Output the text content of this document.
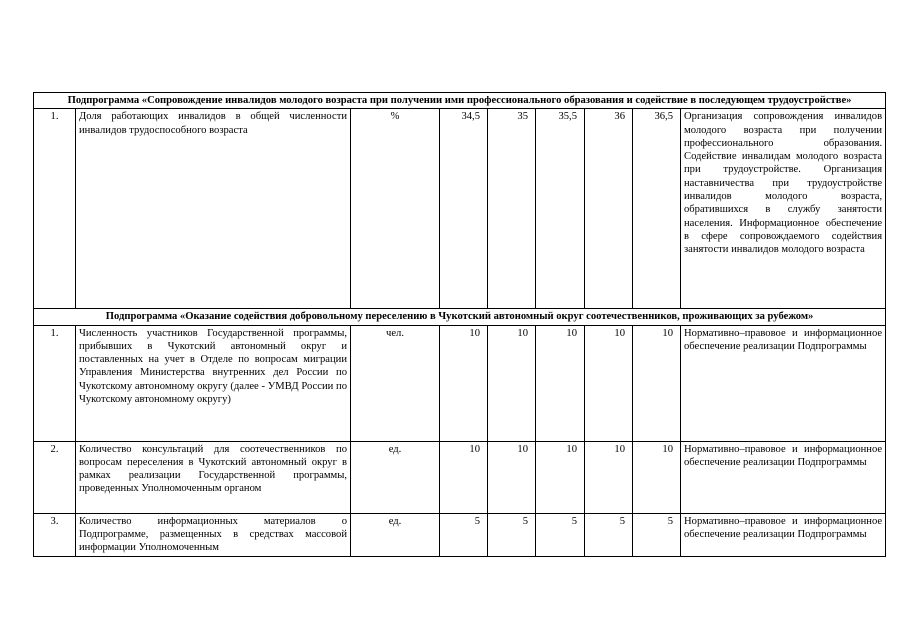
Подпрограмма «Сопровождение инвалидов молодого возраста при получении ими профессионального образования и содействие в последующем трудоустройстве»								
1.	Доля работающих инвалидов в общей численности инвалидов трудоспособного возраста	%	34,5	35	35,5	36	36,5	Организация сопровождения инвалидов молодого возраста при получении профессионального образования. Содействие инвалидам молодого возраста при трудоустройстве. Организация наставничества при трудоустройстве инвалидов молодого возраста, обратившихся в службу занятости населения. Информационное обеспечение в сфере сопровождаемого содействия занятости инвалидов молодого возраста
Подпрограмма «Оказание содействия добровольному переселению в Чукотский автономный округ соотечественников, проживающих за рубежом»								
1.	Численность участников Государственной программы, прибывших в Чукотский автономный округ и поставленных на учет в Отделе по вопросам миграции Управления Министерства внутренних дел России по Чукотскому автономному округу (далее - УМВД России по Чукотскому автономному округу)	чел.	10	10	10	10	10	Нормативно–правовое и информационное обеспечение реализации Подпрограммы
2.	Количество консультаций для соотечественников по вопросам переселения в Чукотский автономный округ в рамках реализации Государственной программы, проведенных Уполномоченным органом	ед.	10	10	10	10	10	Нормативно–правовое и информационное обеспечение реализации Подпрограммы
3.	Количество информационных материалов о Подпрограмме, размещенных в средствах массовой информации Уполномоченным	ед.	5	5	5	5	5	Нормативно–правовое и информационное обеспечение реализации Подпрограммы
